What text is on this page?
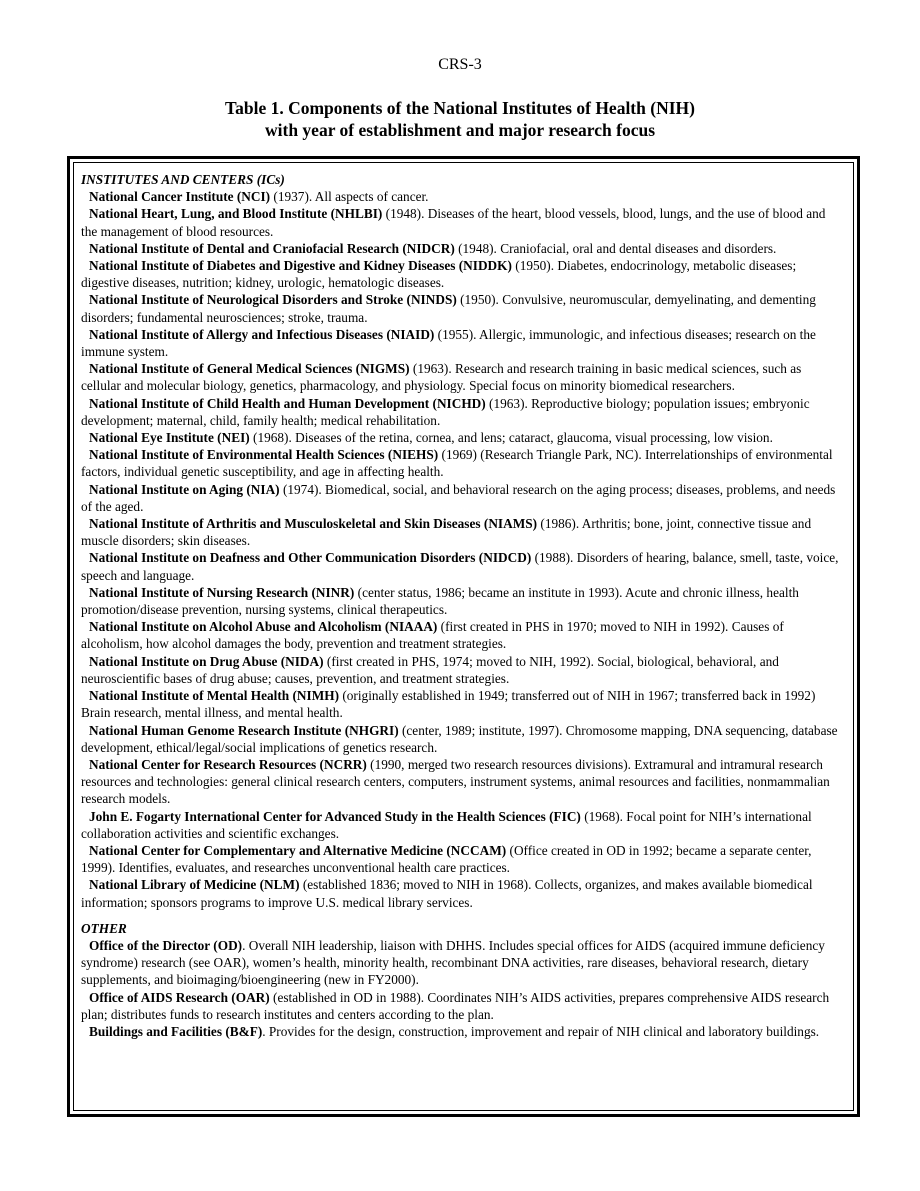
CRS-3
Table 1. Components of the National Institutes of Health (NIH)
with year of establishment and major research focus
INSTITUTES AND CENTERS (ICs)
National Cancer Institute (NCI) (1937). All aspects of cancer.
National Heart, Lung, and Blood Institute (NHLBI) (1948). Diseases of the heart, blood vessels, blood, lungs, and the use of blood and the management of blood resources.
National Institute of Dental and Craniofacial Research (NIDCR) (1948). Craniofacial, oral and dental diseases and disorders.
National Institute of Diabetes and Digestive and Kidney Diseases (NIDDK) (1950). Diabetes, endocrinology, metabolic diseases; digestive diseases, nutrition; kidney, urologic, hematologic diseases.
National Institute of Neurological Disorders and Stroke (NINDS) (1950). Convulsive, neuromuscular, demyelinating, and dementing disorders; fundamental neurosciences; stroke, trauma.
National Institute of Allergy and Infectious Diseases (NIAID) (1955). Allergic, immunologic, and infectious diseases; research on the immune system.
National Institute of General Medical Sciences (NIGMS) (1963). Research and research training in basic medical sciences, such as cellular and molecular biology, genetics, pharmacology, and physiology. Special focus on minority biomedical researchers.
National Institute of Child Health and Human Development (NICHD) (1963). Reproductive biology; population issues; embryonic development; maternal, child, family health; medical rehabilitation.
National Eye Institute (NEI) (1968). Diseases of the retina, cornea, and lens; cataract, glaucoma, visual processing, low vision.
National Institute of Environmental Health Sciences (NIEHS) (1969) (Research Triangle Park, NC). Interrelationships of environmental factors, individual genetic susceptibility, and age in affecting health.
National Institute on Aging (NIA) (1974). Biomedical, social, and behavioral research on the aging process; diseases, problems, and needs of the aged.
National Institute of Arthritis and Musculoskeletal and Skin Diseases (NIAMS) (1986). Arthritis; bone, joint, connective tissue and muscle disorders; skin diseases.
National Institute on Deafness and Other Communication Disorders (NIDCD) (1988). Disorders of hearing, balance, smell, taste, voice, speech and language.
National Institute of Nursing Research (NINR) (center status, 1986; became an institute in 1993). Acute and chronic illness, health promotion/disease prevention, nursing systems, clinical therapeutics.
National Institute on Alcohol Abuse and Alcoholism (NIAAA) (first created in PHS in 1970; moved to NIH in 1992). Causes of alcoholism, how alcohol damages the body, prevention and treatment strategies.
National Institute on Drug Abuse (NIDA) (first created in PHS, 1974; moved to NIH, 1992). Social, biological, behavioral, and neuroscientific bases of drug abuse; causes, prevention, and treatment strategies.
National Institute of Mental Health (NIMH) (originally established in 1949; transferred out of NIH in 1967; transferred back in 1992) Brain research, mental illness, and mental health.
National Human Genome Research Institute (NHGRI) (center, 1989; institute, 1997). Chromosome mapping, DNA sequencing, database development, ethical/legal/social implications of genetics research.
National Center for Research Resources (NCRR) (1990, merged two research resources divisions). Extramural and intramural research resources and technologies: general clinical research centers, computers, instrument systems, animal resources and facilities, nonmammalian research models.
John E. Fogarty International Center for Advanced Study in the Health Sciences (FIC) (1968). Focal point for NIH’s international collaboration activities and scientific exchanges.
National Center for Complementary and Alternative Medicine (NCCAM) (Office created in OD in 1992; became a separate center, 1999). Identifies, evaluates, and researches unconventional health care practices.
National Library of Medicine (NLM) (established 1836; moved to NIH in 1968). Collects, organizes, and makes available biomedical information; sponsors programs to improve U.S. medical library services.
OTHER
Office of the Director (OD). Overall NIH leadership, liaison with DHHS. Includes special offices for AIDS (acquired immune deficiency syndrome) research (see OAR), women’s health, minority health, recombinant DNA activities, rare diseases, behavioral research, dietary supplements, and bioimaging/bioengineering (new in FY2000).
Office of AIDS Research (OAR) (established in OD in 1988). Coordinates NIH’s AIDS activities, prepares comprehensive AIDS research plan; distributes funds to research institutes and centers according to the plan.
Buildings and Facilities (B&F). Provides for the design, construction, improvement and repair of NIH clinical and laboratory buildings.
